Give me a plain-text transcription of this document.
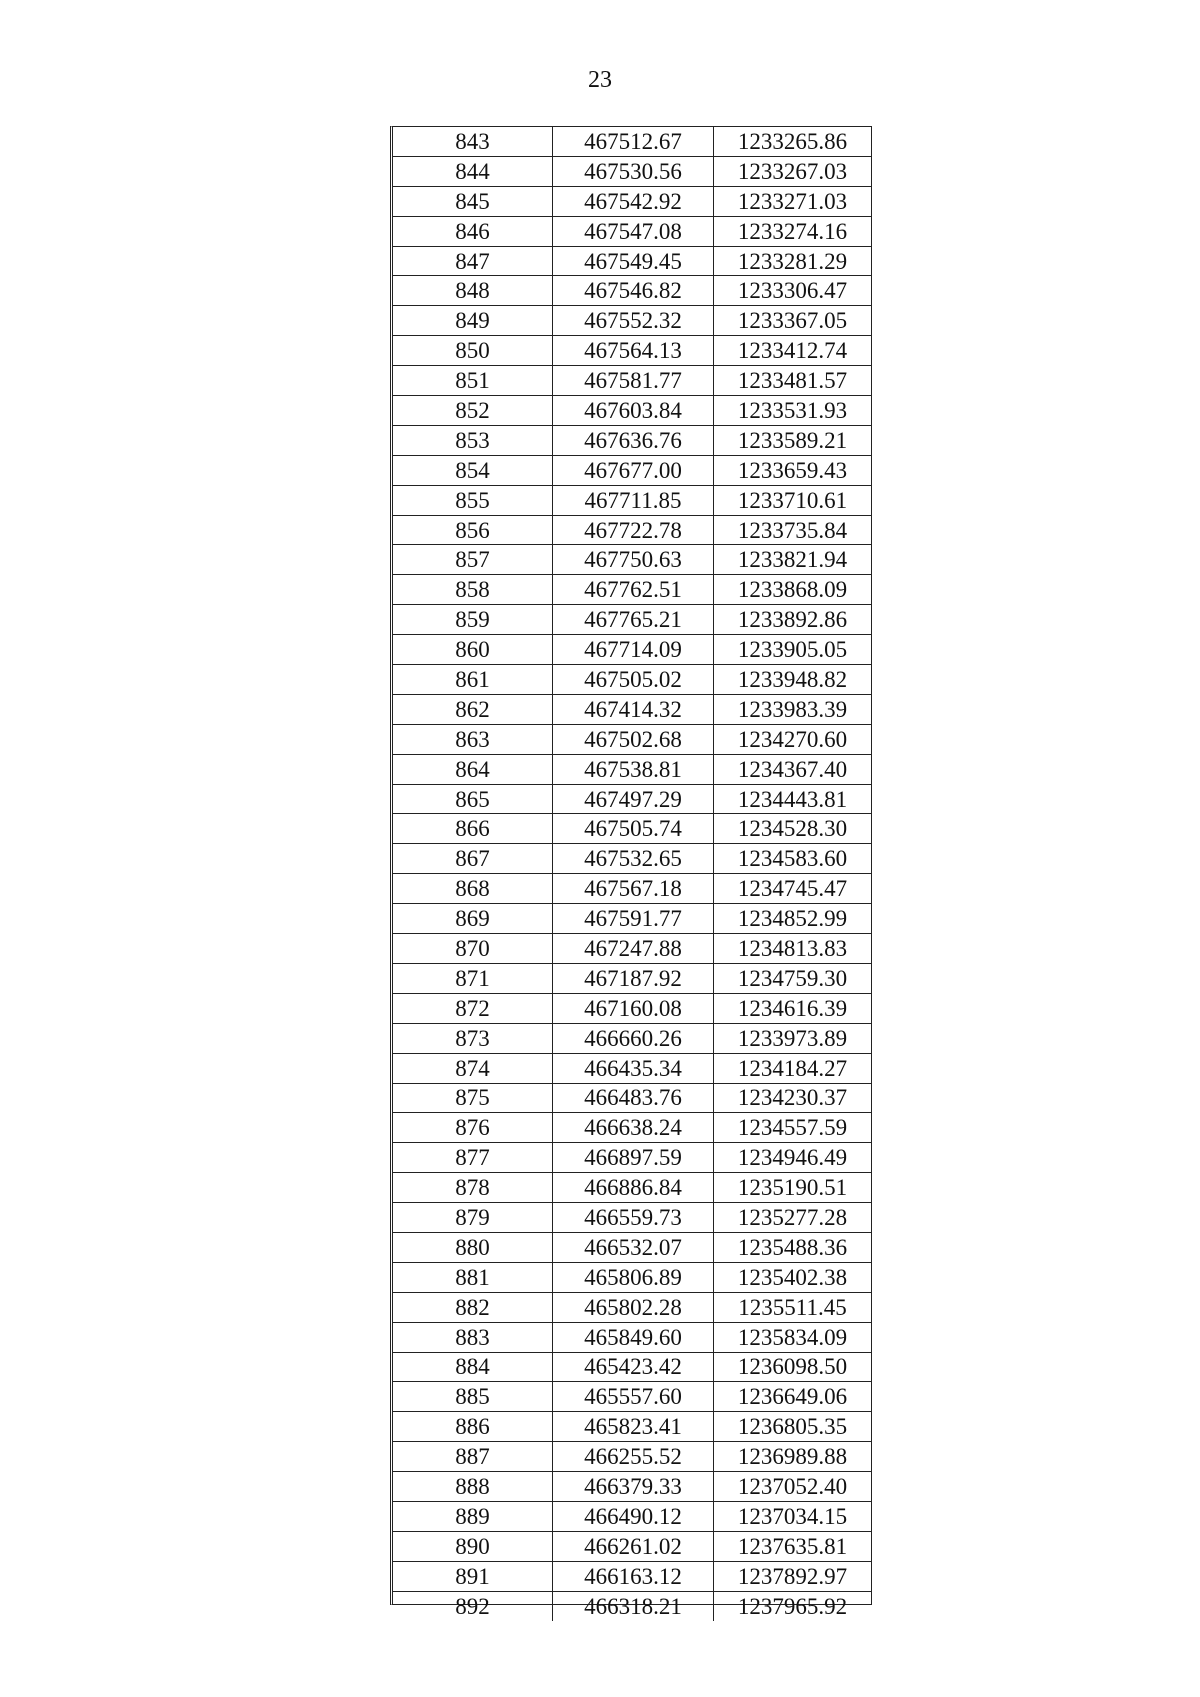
23
843	467512.67	1233265.86
844	467530.56	1233267.03
845	467542.92	1233271.03
846	467547.08	1233274.16
847	467549.45	1233281.29
848	467546.82	1233306.47
849	467552.32	1233367.05
850	467564.13	1233412.74
851	467581.77	1233481.57
852	467603.84	1233531.93
853	467636.76	1233589.21
854	467677.00	1233659.43
855	467711.85	1233710.61
856	467722.78	1233735.84
857	467750.63	1233821.94
858	467762.51	1233868.09
859	467765.21	1233892.86
860	467714.09	1233905.05
861	467505.02	1233948.82
862	467414.32	1233983.39
863	467502.68	1234270.60
864	467538.81	1234367.40
865	467497.29	1234443.81
866	467505.74	1234528.30
867	467532.65	1234583.60
868	467567.18	1234745.47
869	467591.77	1234852.99
870	467247.88	1234813.83
871	467187.92	1234759.30
872	467160.08	1234616.39
873	466660.26	1233973.89
874	466435.34	1234184.27
875	466483.76	1234230.37
876	466638.24	1234557.59
877	466897.59	1234946.49
878	466886.84	1235190.51
879	466559.73	1235277.28
880	466532.07	1235488.36
881	465806.89	1235402.38
882	465802.28	1235511.45
883	465849.60	1235834.09
884	465423.42	1236098.50
885	465557.60	1236649.06
886	465823.41	1236805.35
887	466255.52	1236989.88
888	466379.33	1237052.40
889	466490.12	1237034.15
890	466261.02	1237635.81
891	466163.12	1237892.97
892	466318.21	1237965.92
